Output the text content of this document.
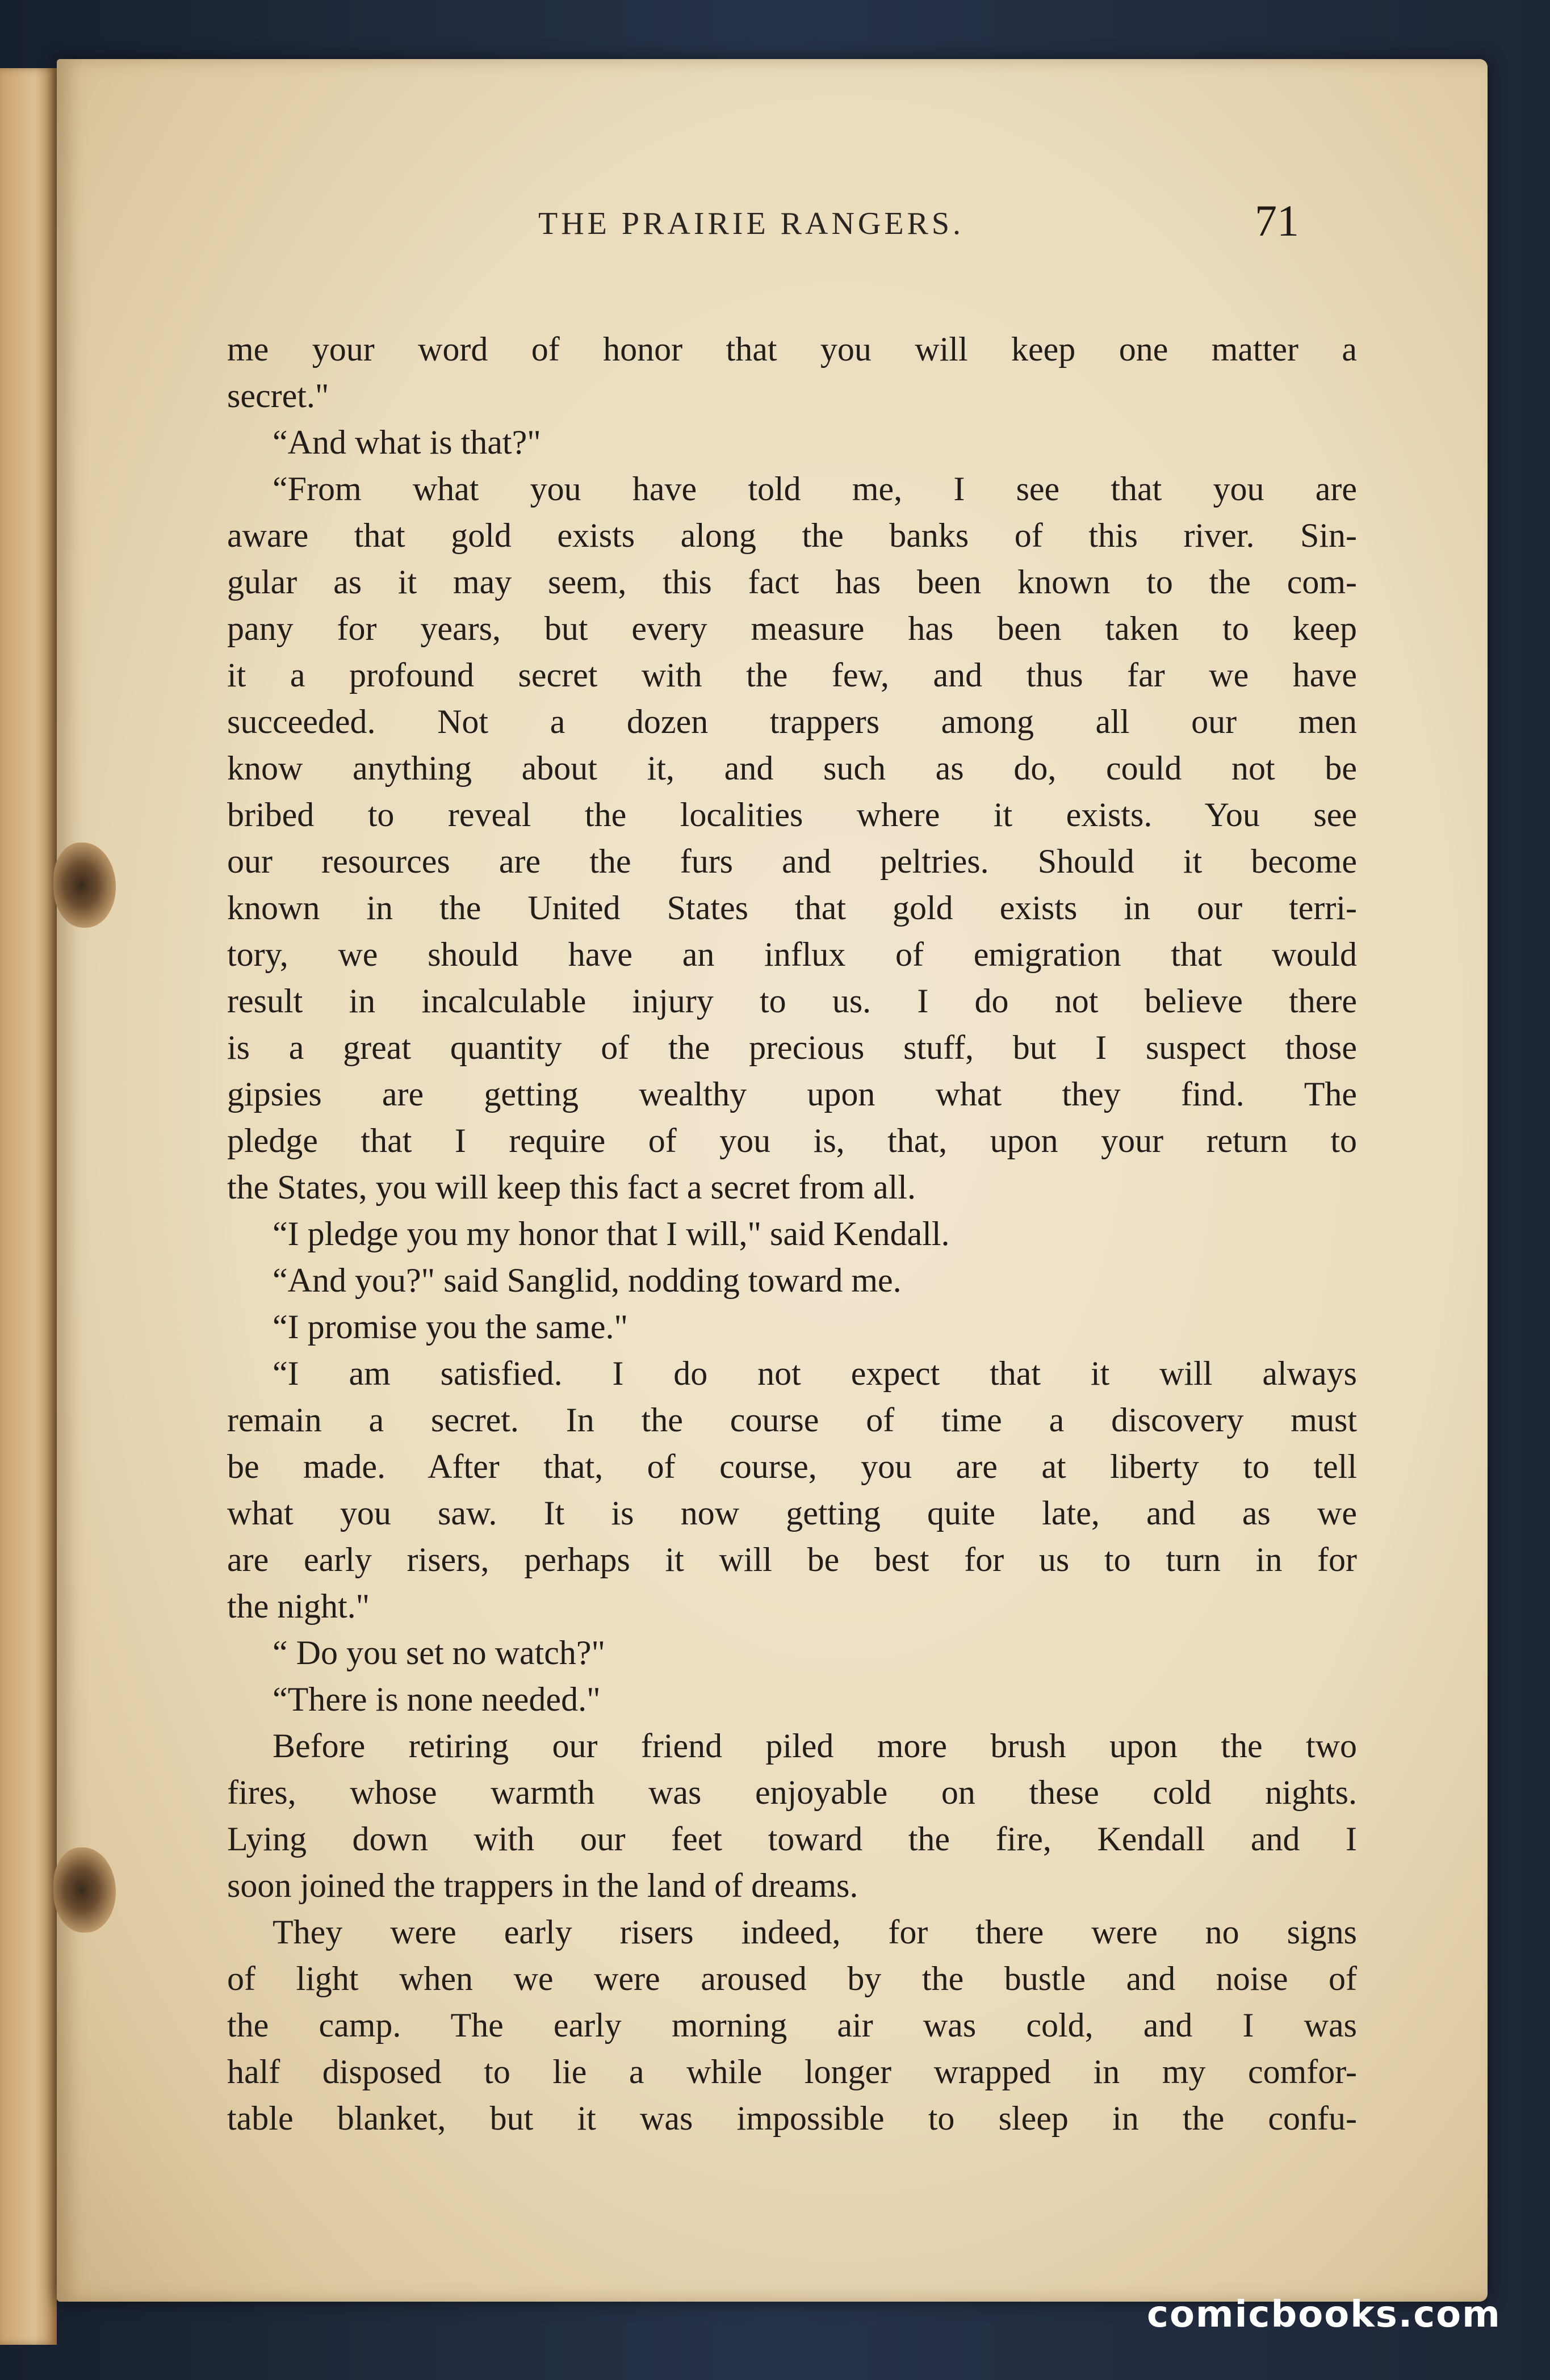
THE PRAIRIE RANGERS.	71
me your word of honor that you will keep one matter a
secret."
“And what is that?"
“From what you have told me, I see that you are
aware that gold exists along the banks of this river. Sin-
gular as it may seem, this fact has been known to the com-
pany for years, but every measure has been taken to keep
it a profound secret with the few, and thus far we have
succeeded. Not a dozen trappers among all our men
know anything about it, and such as do, could not be
bribed to reveal the localities where it exists. You see
our resources are the furs and peltries. Should it become
known in the United States that gold exists in our terri-
tory, we should have an influx of emigration that would
result in incalculable injury to us. I do not believe there
is a great quantity of the precious stuff, but I suspect those
gipsies are getting wealthy upon what they find. The
pledge that I require of you is, that, upon your return to
the States, you will keep this fact a secret from all.
“I pledge you my honor that I will," said Kendall.
“And you?" said Sanglid, nodding toward me.
“I promise you the same."
“I am satisfied. I do not expect that it will always
remain a secret. In the course of time a discovery must
be made. After that, of course, you are at liberty to tell
what you saw. It is now getting quite late, and as we
are early risers, perhaps it will be best for us to turn in for
the night."
“ Do you set no watch?"
“There is none needed."
Before retiring our friend piled more brush upon the two
fires, whose warmth was enjoyable on these cold nights.
Lying down with our feet toward the fire, Kendall and I
soon joined the trappers in the land of dreams.
They were early risers indeed, for there were no signs
of light when we were aroused by the bustle and noise of
the camp. The early morning air was cold, and I was
half disposed to lie a while longer wrapped in my comfor-
table blanket, but it was impossible to sleep in the confu-
comicbooks.com
